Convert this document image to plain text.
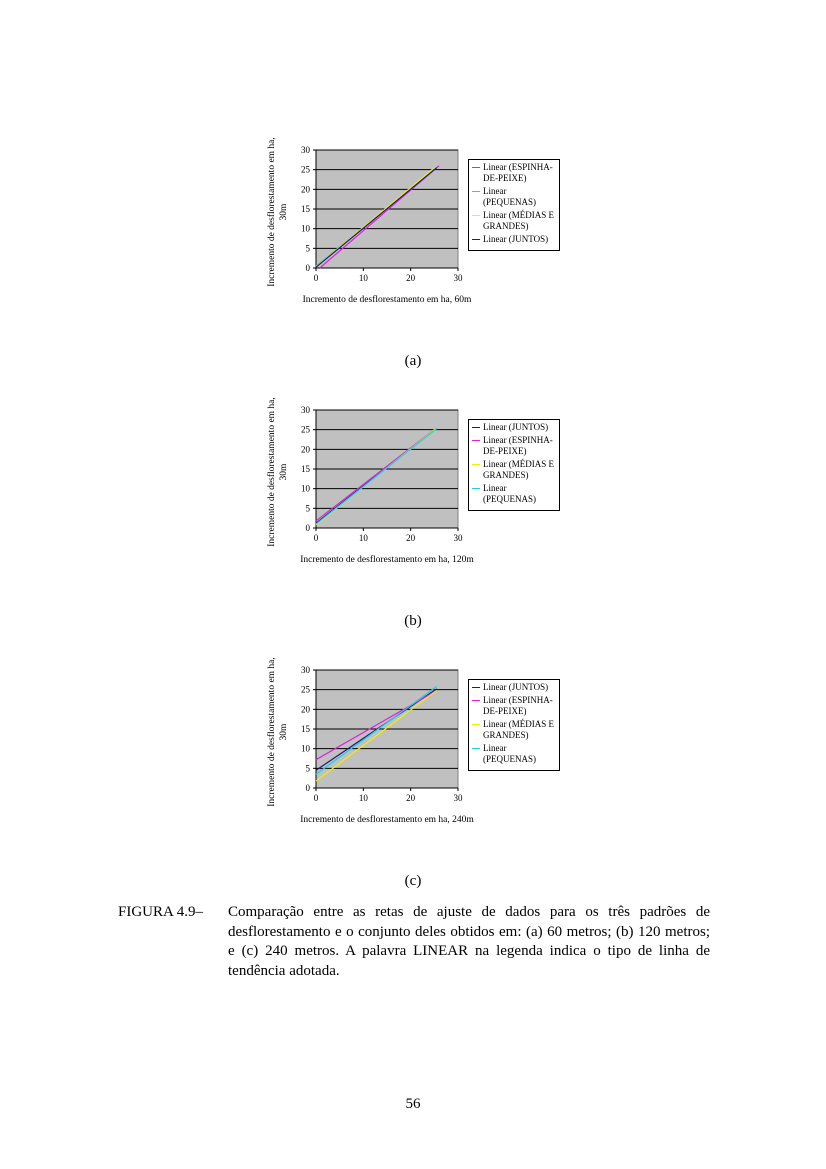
0
5
10
15
20
25
30
0	10	20	30
0
5
10
15
20
25
30
0	10	20	30
0
5
10
15
20
25
30
0	10	20	30
Incremento de desflorestamento em ha, 30m
Incremento de desflorestamento em ha, 60m
Linear (ESPINHA-DE-PEIXE)
Linear (PEQUENAS)
Linear (MÉDIAS E GRANDES)
Linear (JUNTOS)
(a)
Incremento de desflorestamento em ha, 30m
Incremento de desflorestamento em ha, 120m
Linear (JUNTOS)
Linear (ESPINHA-DE-PEIXE)
Linear (MÉDIAS E GRANDES)
Linear (PEQUENAS)
(b)
Incremento de desflorestamento em ha, 30m
Incremento de desflorestamento em ha, 240m
Linear (JUNTOS)
Linear (ESPINHA-DE-PEIXE)
Linear (MÉDIAS E GRANDES)
Linear (PEQUENAS)
(c)
FIGURA 4.9–	Comparação entre as retas de ajuste de dados para os três padrões de desflorestamento e o conjunto deles obtidos em: (a) 60 metros; (b) 120 metros; e (c) 240 metros. A palavra LINEAR na legenda indica o tipo de linha de tendência adotada.
56
